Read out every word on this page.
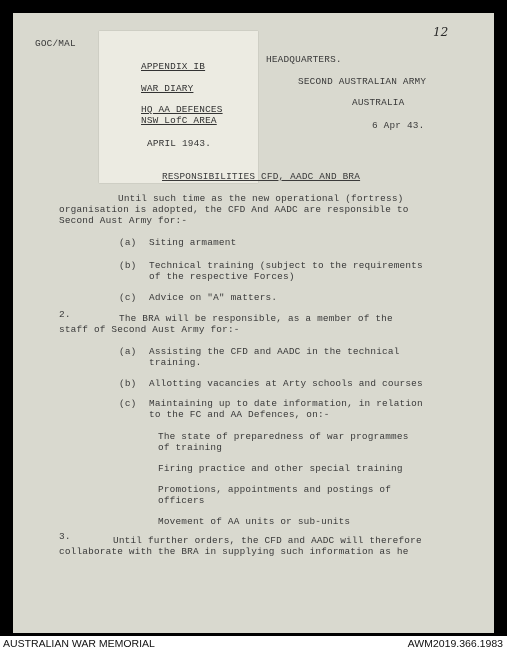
12
GOC/MAL
APPENDIX IB
WAR DIARY
HQ AA DEFENCES
NSW LofC AREA
APRIL 1943.
HEADQUARTERS.
SECOND AUSTRALIAN ARMY
AUSTRALIA
6 Apr 43.
RESPONSIBILITIES CFD, AADC AND BRA
Until such time as the new operational (fortress)
organisation is adopted, the CFD And AADC are responsible to
Second Aust Army for:-
(a) Siting armament
(b) Technical training (subject to the requirements
of the respective Forces)
(c) Advice on "A" matters.
2.	The BRA will be responsible, as a member of the
staff of Second Aust Army for:-
(a) Assisting the CFD and AADC in the technical
training.
(b) Allotting vacancies at Arty schools and courses
(c) Maintaining up to date information, in relation
to the FC and AA Defences, on:-
The state of preparedness of war programmes
of training
Firing practice and other special training
Promotions, appointments and postings of
officers
Movement of AA units or sub-units
3.	Until further orders, the CFD and AADC will therefore
collaborate with the BRA in supplying such information as he
AUSTRALIAN WAR MEMORIAL	AWM2019.366.1983
